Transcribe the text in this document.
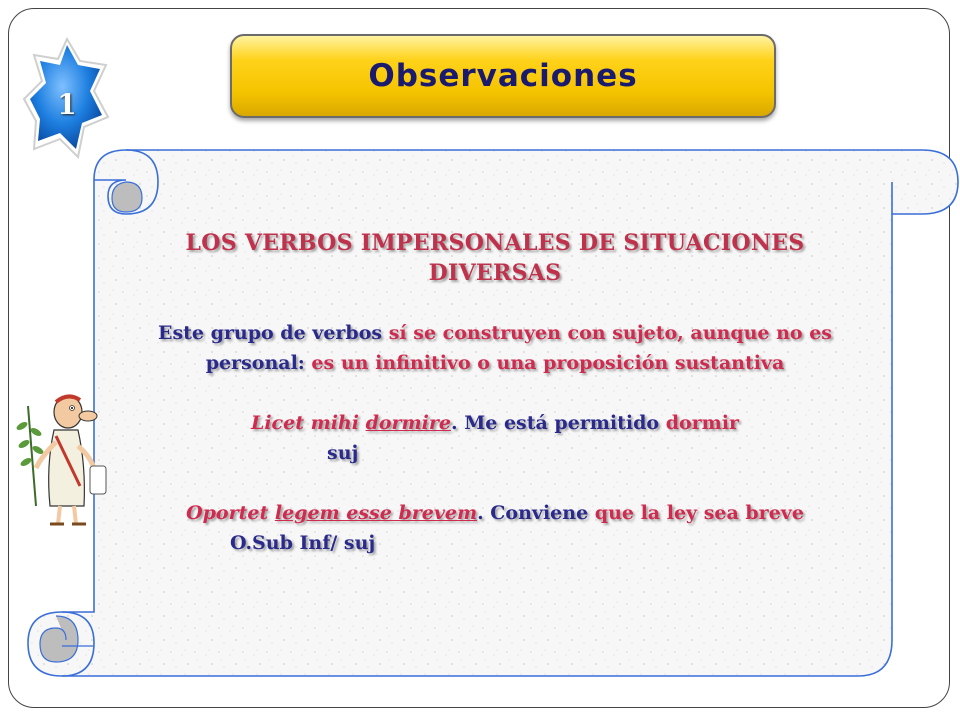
1
Observaciones
LOS VERBOS IMPERSONALES DE SITUACIONES
DIVERSAS
Este grupo de verbos sí se construyen con sujeto, aunque no es
personal: es un infinitivo o una proposición sustantiva
Licet mihi dormire. Me está permitido dormir
suj
Oportet legem esse brevem. Conviene que la ley sea breve
O.Sub Inf/ suj
